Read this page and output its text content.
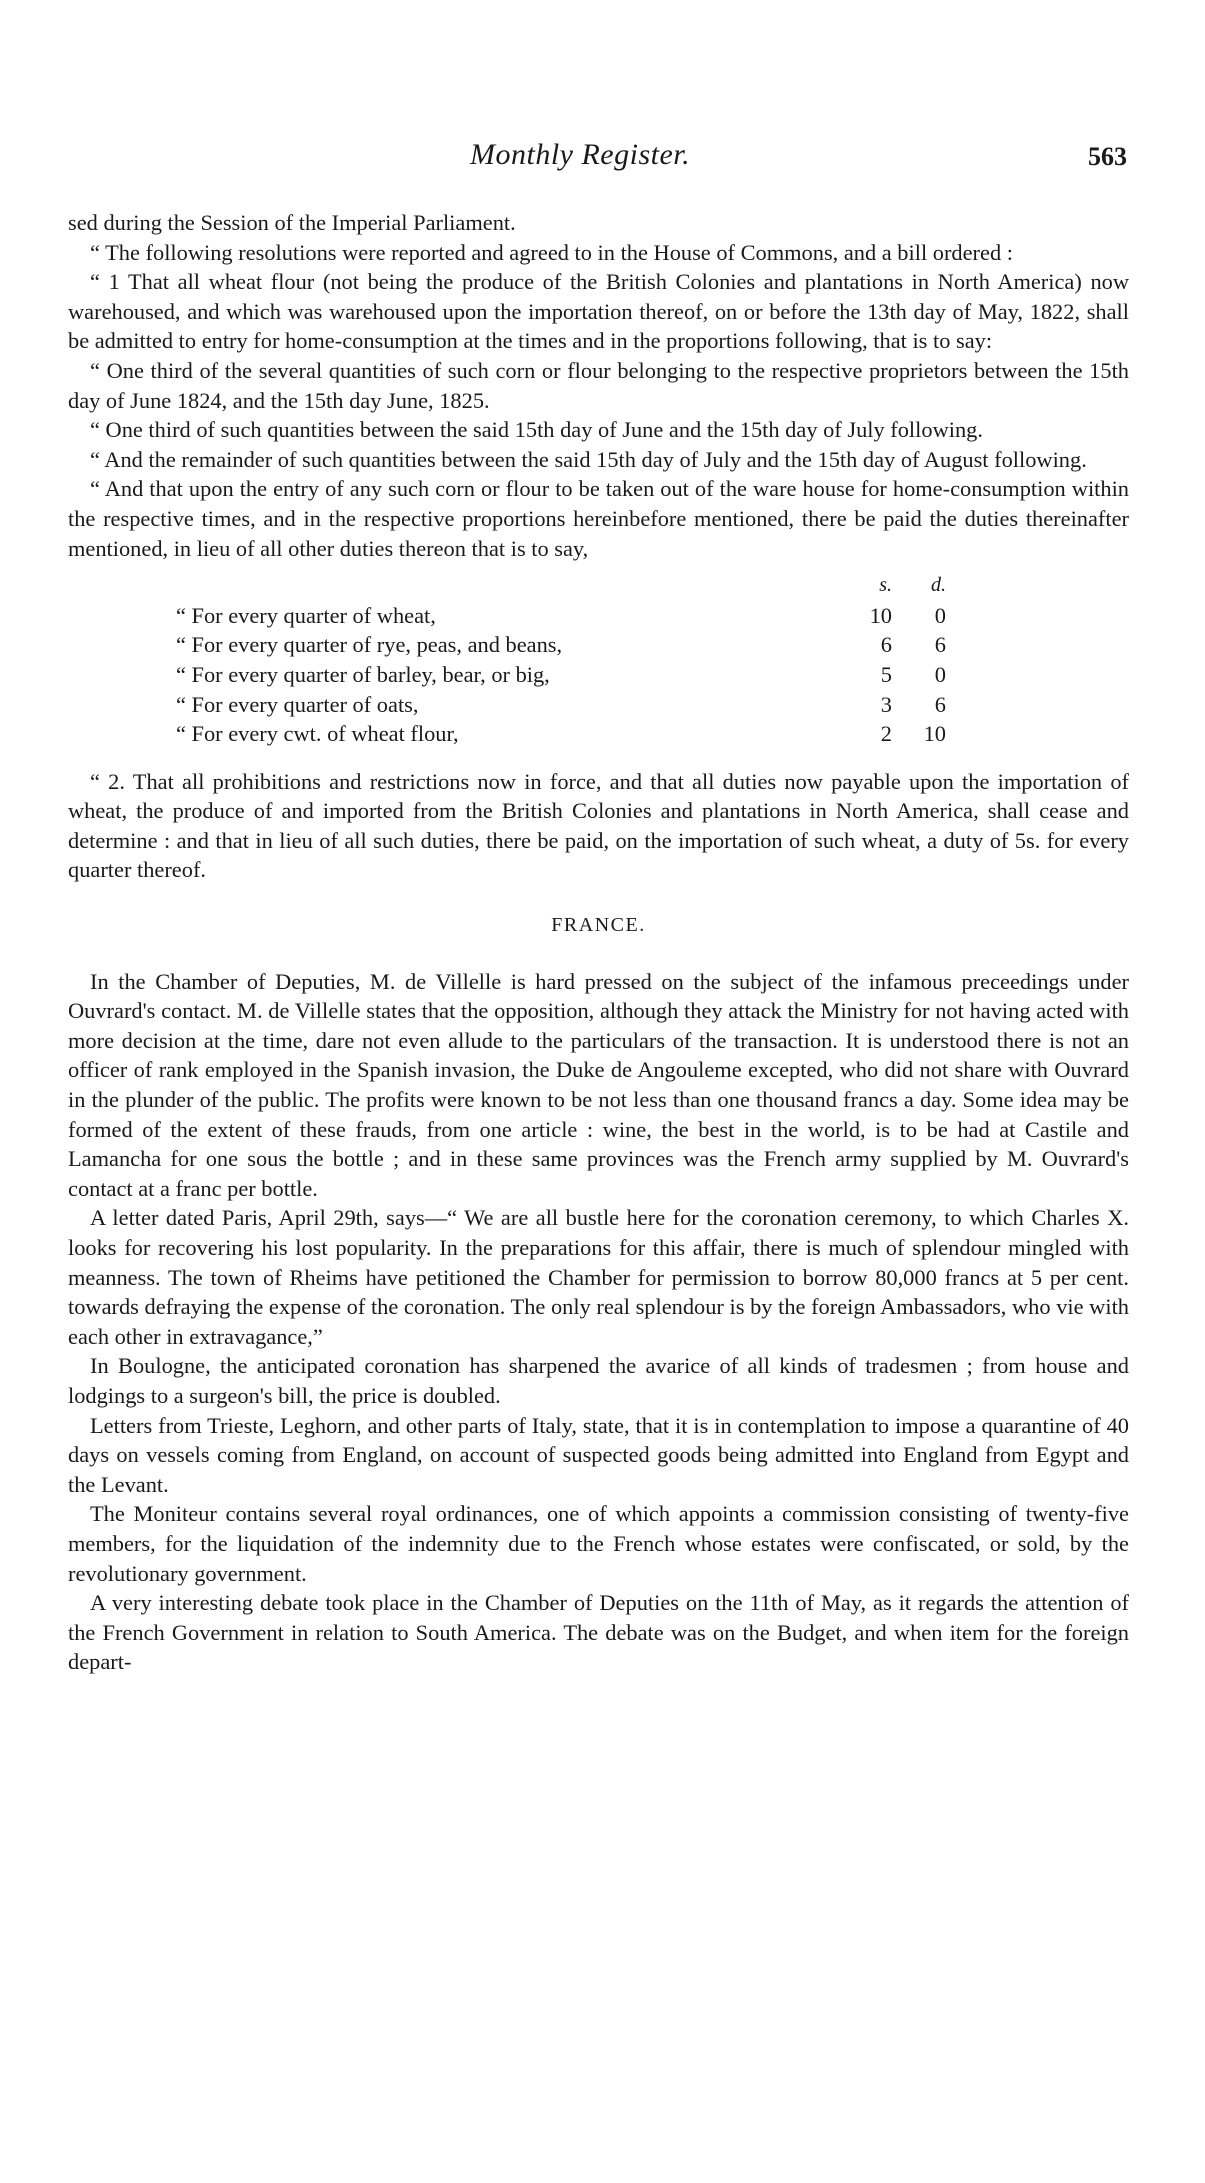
Monthly Register.	563

sed during the Session of the Imperial Parliament.

“ The following resolutions were reported and agreed to in the House of Commons, and a bill ordered :

“ 1 That all wheat flour (not being the produce of the British Colonies and plantations in North America) now warehoused, and which was warehoused upon the importation thereof, on or before the 13th day of May, 1822, shall be admitted to entry for home-consumption at the times and in the proportions following, that is to say:

“ One third of the several quantities of such corn or flour belonging to the respective proprietors between the 15th day of June 1824, and the 15th day June, 1825.

“ One third of such quantities between the said 15th day of June and the 15th day of July following.

“ And the remainder of such quantities between the said 15th day of July and the 15th day of August following.

“ And that upon the entry of any such corn or flour to be taken out of the ware house for home-consumption within the respective times, and in the respective proportions hereinbefore mentioned, there be paid the duties thereinafter mentioned, in lieu of all other duties thereon that is to say,

s.	d.
“ For every quarter of wheat,	10	0
“ For every quarter of rye, peas, and beans,	6	6
“ For every quarter of barley, bear, or big,	5	0
“ For every quarter of oats,	3	6
“ For every cwt. of wheat flour,	2	10

“ 2. That all prohibitions and restrictions now in force, and that all duties now payable upon the importation of wheat, the produce of and imported from the British Colonies and plantations in North America, shall cease and determine : and that in lieu of all such duties, there be paid, on the importation of such wheat, a duty of 5s. for every quarter thereof.

FRANCE.

In the Chamber of Deputies, M. de Villelle is hard pressed on the subject of the infamous preceedings under Ouvrard's contact. M. de Villelle states that the opposition, although they attack the Ministry for not having acted with more decision at the time, dare not even allude to the particulars of the transaction. It is understood there is not an officer of rank employed in the Spanish invasion, the Duke de Angouleme excepted, who did not share with Ouvrard in the plunder of the public. The profits were known to be not less than one thousand francs a day. Some idea may be formed of the extent of these frauds, from one article : wine, the best in the world, is to be had at Castile and Lamancha for one sous the bottle ; and in these same provinces was the French army supplied by M. Ouvrard's contact at a franc per bottle.

A letter dated Paris, April 29th, says—“ We are all bustle here for the coronation ceremony, to which Charles X. looks for recovering his lost popularity. In the preparations for this affair, there is much of splendour mingled with meanness. The town of Rheims have petitioned the Chamber for permission to borrow 80,000 francs at 5 per cent. towards defraying the expense of the coronation. The only real splendour is by the foreign Ambassadors, who vie with each other in extravagance,”

In Boulogne, the anticipated coronation has sharpened the avarice of all kinds of tradesmen ; from house and lodgings to a surgeon's bill, the price is doubled.

Letters from Trieste, Leghorn, and other parts of Italy, state, that it is in contemplation to impose a quarantine of 40 days on vessels coming from England, on account of suspected goods being admitted into England from Egypt and the Levant.

The Moniteur contains several royal ordinances, one of which appoints a commission consisting of twenty-five members, for the liquidation of the indemnity due to the French whose estates were confiscated, or sold, by the revolutionary government.

A very interesting debate took place in the Chamber of Deputies on the 11th of May, as it regards the attention of the French Government in relation to South America. The debate was on the Budget, and when item for the foreign depart-
